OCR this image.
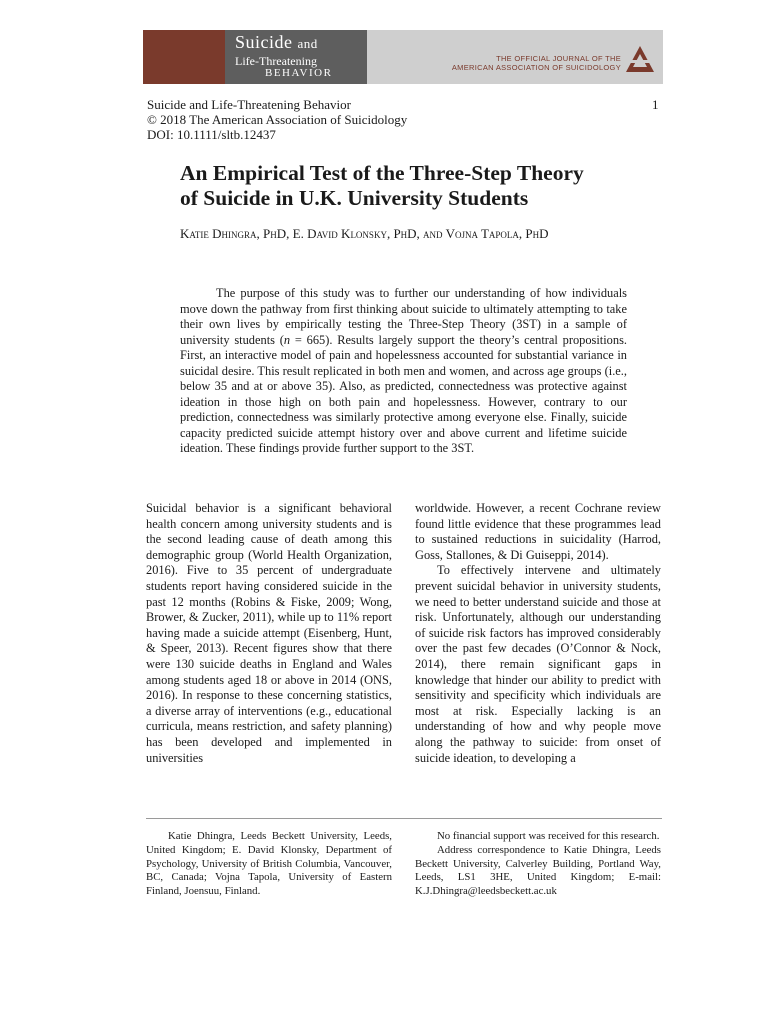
Suicide and
Life-Threatening
BEHAVIOR
THE OFFICIAL JOURNAL OF THE
AMERICAN ASSOCIATION OF SUICIDOLOGY
Suicide and Life-Threatening Behavior
© 2018 The American Association of Suicidology
DOI: 10.1111/sltb.12437
1
An Empirical Test of the Three-Step Theory
of Suicide in U.K. University Students
Katie Dhingra, PhD, E. David Klonsky, PhD, and Vojna Tapola, PhD

The purpose of this study was to further our understanding of how individuals move down the pathway from first thinking about suicide to ultimately attempting to take their own lives by empirically testing the Three-Step Theory (3ST) in a sample of university students (n = 665). Results largely support the theory’s central propositions. First, an interactive model of pain and hopelessness accounted for substantial variance in suicidal desire. This result replicated in both men and women, and across age groups (i.e., below 35 and at or above 35). Also, as predicted, connectedness was protective against ideation in those high on both pain and hopelessness. However, contrary to our prediction, connectedness was similarly protective among everyone else. Finally, suicide capacity predicted suicide attempt history over and above current and lifetime suicide ideation. These findings provide further support to the 3ST.

Suicidal behavior is a significant behavioral health concern among university students and is the second leading cause of death among this demographic group (World Health Organization, 2016). Five to 35 percent of undergraduate students report having considered suicide in the past 12 months (Robins & Fiske, 2009; Wong, Brower, & Zucker, 2011), while up to 11% report having made a suicide attempt (Eisenberg, Hunt, & Speer, 2013). Recent figures show that there were 130 suicide deaths in England and Wales among students aged 18 or above in 2014 (ONS, 2016). In response to these concerning statistics, a diverse array of interventions (e.g., educational curricula, means restriction, and safety planning) has been developed and implemented in universities

worldwide. However, a recent Cochrane review found little evidence that these programmes lead to sustained reductions in suicidality (Harrod, Goss, Stallones, & Di Guiseppi, 2014).

To effectively intervene and ultimately prevent suicidal behavior in university students, we need to better understand suicide and those at risk. Unfortunately, although our understanding of suicide risk factors has improved considerably over the past few decades (O’Connor & Nock, 2014), there remain significant gaps in knowledge that hinder our ability to predict with sensitivity and specificity which individuals are most at risk. Especially lacking is an understanding of how and why people move along the pathway to suicide: from onset of suicide ideation, to developing a

Katie Dhingra, Leeds Beckett University, Leeds, United Kingdom; E. David Klonsky, Department of Psychology, University of British Columbia, Vancouver, BC, Canada; Vojna Tapola, University of Eastern Finland, Joensuu, Finland.

No financial support was received for this research.

Address correspondence to Katie Dhingra, Leeds Beckett University, Calverley Building, Portland Way, Leeds, LS1 3HE, United Kingdom; E-mail: K.J.Dhingra@leedsbeckett.ac.uk
